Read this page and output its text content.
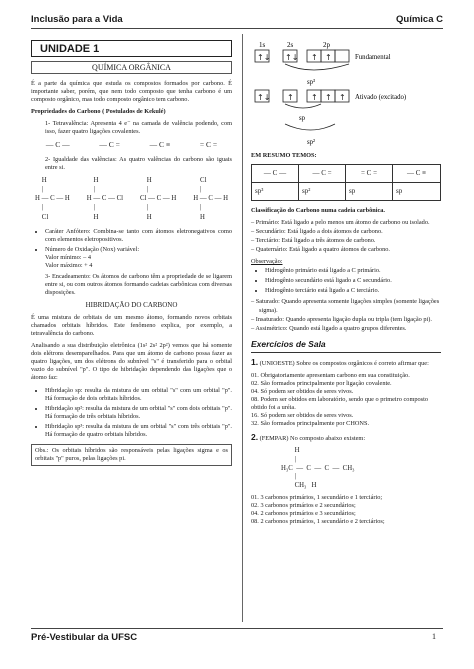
Inclusão para a Vida	Química C
UNIDADE 1
QUÍMICA ORGÂNICA

É a parte da química que estuda os compostos formados por carbono. É importante saber, porém, que nem todo composto que tenha carbono é um composto orgânico, mas todo composto orgânico tem carbono.

Propriedades do Carbono ( Postulados de Kekulé)

1- Tetravalência: Apresenta 4 e⁻ na camada de valência podendo, com isso, fazer quatro ligações covalentes.

— C —	— C =	— C ≡	= C =

2- Igualdade das valências: As quatro valências do carbono são iguais entre si.

H
|
H — C — H
|
Cl
H
|
H — C — Cl
|
H
H
|
Cl — C — H
|
H
Cl
|
H — C — H
|
H
• Caráter Anfótero: Combina-se tanto com átomos eletronegativos como com elementos eletropositivos.
• Número de Oxidação (Nox) variável:
Valor mínimo: – 4
Valor máximo: + 4

3- Encadeamento: Os átomos de carbono têm a propriedade de se ligarem entre si, ou com outros átomos formando cadeias carbônicas com diversas disposições.

HIBRIDAÇÃO DO CARBONO

É uma mistura de orbitais de um mesmo átomo, formando novos orbitais chamados orbitais híbridos. Este fenômeno explica, por exemplo, a tetravalência do carbono.

Analisando a sua distribuição eletrônica (1s² 2s² 2p²) vemos que há somente dois elétrons desemparelhados. Para que um átomo de carbono possa fazer as quatro ligações, um dos elétrons do subnível "s" é transferido para o orbital vazio do subnível "p". O tipo de hibridação dependendo das ligações que o átomo faz:

• Hibridação sp: resulta da mistura de um orbital "s" com um orbital "p". Há formação de dois orbitais híbridos.
• Hibridação sp²: resulta da mistura de um orbital "s" com dois orbitais "p". Há formação de três orbitais híbridos.
• Hibridação sp³: resulta da mistura de um orbital "s" com três orbitais "p". Há formação de quatro orbitais híbridos.
Obs.: Os orbitais híbridos são responsáveis pelas ligações sigma e os orbitais "p" puros, pelas ligações pi.
1s	2s	2p
↑↓ ↑↓ ↑ ↑	Fundamental
sp³
↑↓ ↑ ↑ ↑ ↑ Ativado (excitado)
sp
sp²

EM RESUMO TEMOS:

— C —	— C =	= C =	— C ≡
sp³	sp²	sp	sp

Classificação do Carbono numa cadeia carbônica.

– Primário: Está ligado a pelo menos um átomo de carbono ou isolado.
– Secundário: Está ligado a dois átomos de carbono.
– Terciário: Está ligado a três átomos de carbono.
– Quaternário: Está ligado a quatro átomos de carbono.

Observação:

• Hidrogênio primário está ligado a C primário.
• Hidrogênio secundário está ligado a C secundário.
• Hidrogênio terciário está ligado a C terciário.
– Saturado: Quando apresenta somente ligações simples (somente ligações sigma).
– Insaturado: Quando apresenta ligação dupla ou tripla (tem ligação pi).
– Assimétrico: Quando está ligado a quatro grupos diferentes.
Exercícios de Sala

1. (UNIOESTE) Sobre os compostos orgânicos é correto afirmar que:

01. Obrigatoriamente apresentam carbono em sua constituição.
02. São formados principalmente por ligação covalente.
04. Só podem ser obtidos de seres vivos.
08. Podem ser obtidos em laboratório, sendo que o primeiro composto obtido foi a uréia.
16. Só podem ser obtidos de seres vivos.
32. São formados principalmente por CHONS.

2. (FEMPAR) No composto abaixo existem:

H
|
H₃C  —  C  —  C  —  CH₃
|
CH₃   H
01. 3 carbonos primários, 1 secundário e 1 terciário;
02. 3 carbonos primários e 2 secundários;
04. 2 carbonos primários e 3 secundários;
08. 2 carbonos primários, 1 secundário e 2 terciários;
Pré-Vestibular da UFSC	1
